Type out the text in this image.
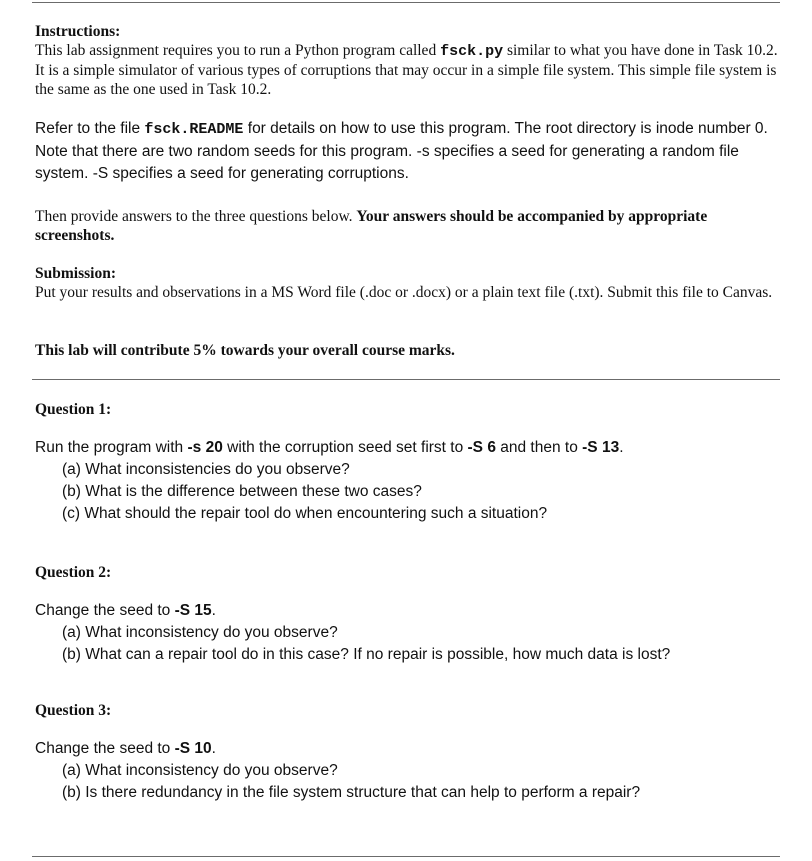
Instructions:

This lab assignment requires you to run a Python program called fsck.py similar to what you have done in Task 10.2. It is a simple simulator of various types of corruptions that may occur in a simple file system. This simple file system is the same as the one used in Task 10.2.

Refer to the file fsck.README for details on how to use this program. The root directory is inode number 0. Note that there are two random seeds for this program. -s specifies a seed for generating a random file system. -S specifies a seed for generating corruptions.

Then provide answers to the three questions below. Your answers should be accompanied by appropriate screenshots.

Submission:

Put your results and observations in a MS Word file (.doc or .docx) or a plain text file (.txt). Submit this file to Canvas.

This lab will contribute 5% towards your overall course marks.

Question 1:

Run the program with -s 20 with the corruption seed set first to -S 6 and then to -S 13.

(a) What inconsistencies do you observe?
(b) What is the difference between these two cases?
(c) What should the repair tool do when encountering such a situation?
Question 2:

Change the seed to -S 15.

(a) What inconsistency do you observe?
(b) What can a repair tool do in this case? If no repair is possible, how much data is lost?
Question 3:

Change the seed to -S 10.

(a) What inconsistency do you observe?
(b) Is there redundancy in the file system structure that can help to perform a repair?
